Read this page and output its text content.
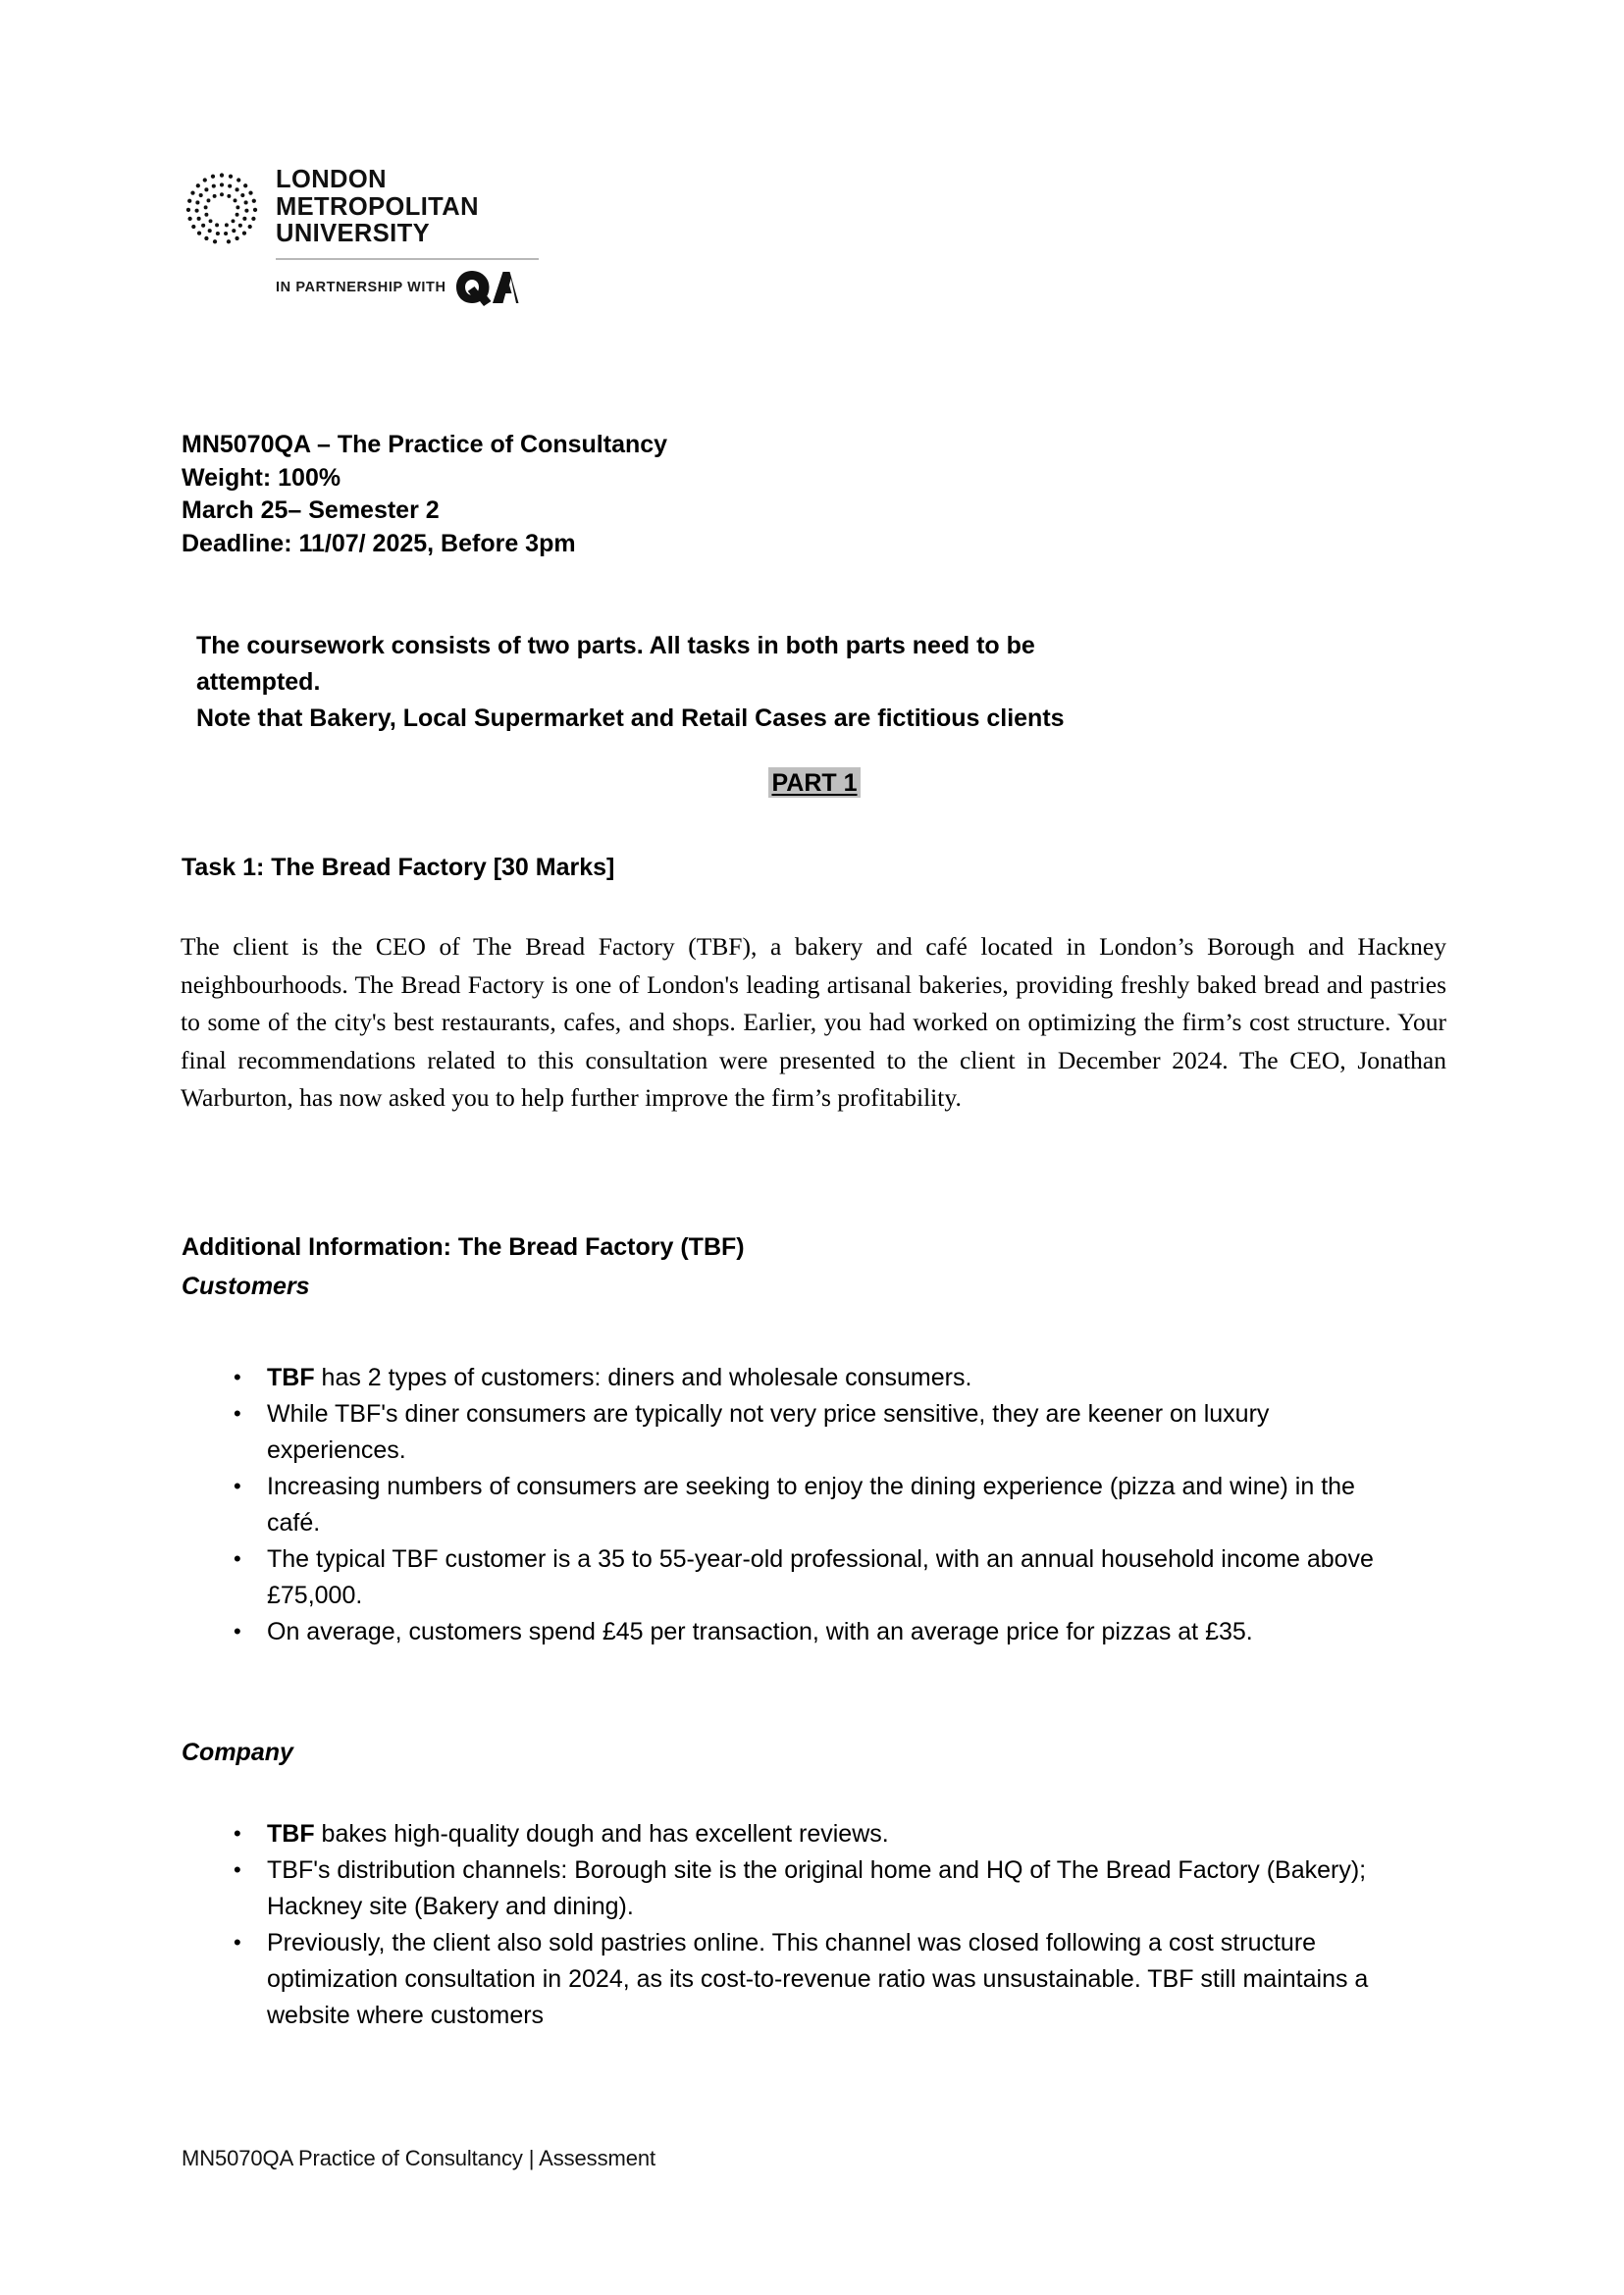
LONDON
METROPOLITAN
UNIVERSITY
IN PARTNERSHIP WITH
MN5070QA – The Practice of Consultancy
Weight: 100%
March 25– Semester 2
Deadline: 11/07/ 2025, Before 3pm
The coursework consists of two parts. All tasks in both parts need to be
attempted.
Note that Bakery, Local Supermarket and Retail Cases are fictitious clients
PART 1
Task 1: The Bread Factory [30 Marks]
The client is the CEO of The Bread Factory (TBF), a bakery and café located in London’s Borough and Hackney neighbourhoods. The Bread Factory is one of London's leading artisanal bakeries, providing freshly baked bread and pastries to some of the city's best restaurants, cafes, and shops. Earlier, you had worked on optimizing the firm’s cost structure. Your final recommendations related to this consultation were presented to the client in December 2024. The CEO, Jonathan Warburton, has now asked you to help further improve the firm’s profitability.
Additional Information: The Bread Factory (TBF)
Customers
• TBF has 2 types of customers: diners and wholesale consumers.
• While TBF's diner consumers are typically not very price sensitive, they are keener on luxury experiences.
• Increasing numbers of consumers are seeking to enjoy the dining experience (pizza and wine) in the café.
• The typical TBF customer is a 35 to 55-year-old professional, with an annual household income above £75,000.
• On average, customers spend £45 per transaction, with an average price for pizzas at £35.
Company
• TBF bakes high-quality dough and has excellent reviews.
• TBF's distribution channels: Borough site is the original home and HQ of The Bread Factory (Bakery); Hackney site (Bakery and dining).
• Previously, the client also sold pastries online. This channel was closed following a cost structure optimization consultation in 2024, as its cost-to-revenue ratio was unsustainable. TBF still maintains a website where customers
MN5070QA Practice of Consultancy | Assessment
